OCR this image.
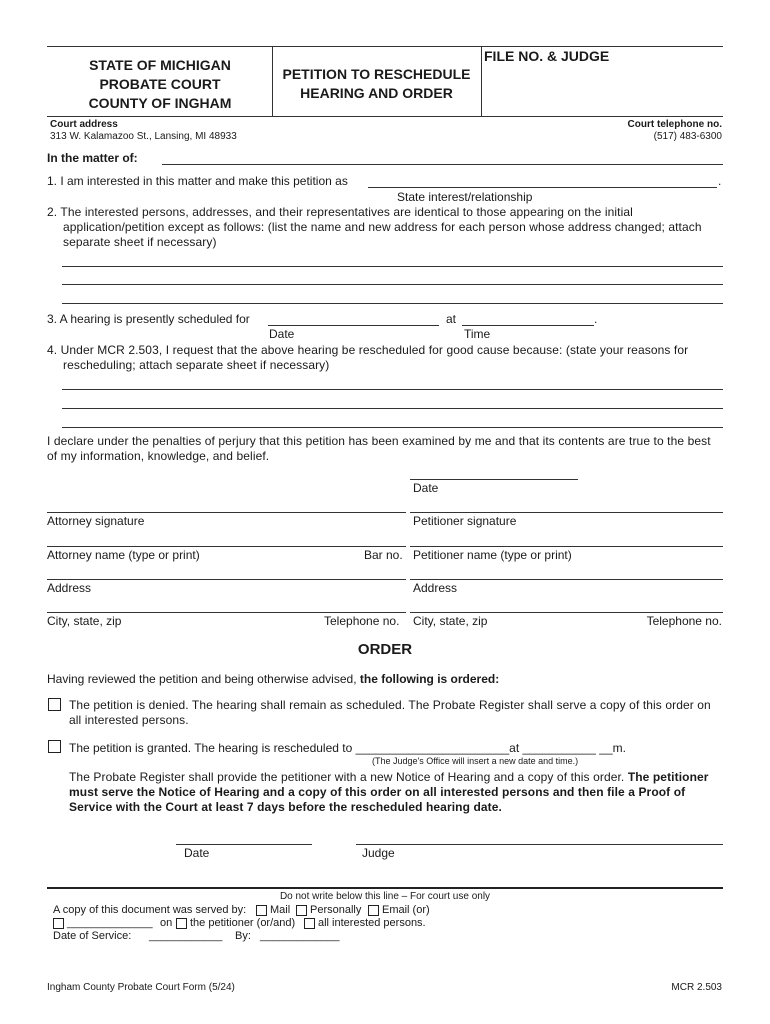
STATE OF MICHIGAN
PROBATE COURT
COUNTY OF INGHAM
PETITION TO RESCHEDULE
HEARING AND ORDER
FILE NO. & JUDGE
Court address
313 W. Kalamazoo St., Lansing, MI 48933
Court telephone no.
(517) 483-6300
In the matter of:
1. I am interested in this matter and make this petition as	.
State interest/relationship
2. The interested persons, addresses, and their representatives are identical to those appearing on the initial application/petition except as follows: (list the name and new address for each person whose address changed; attach separate sheet if necessary)
3. A hearing is presently scheduled for	at	.
Date	Time
4. Under MCR 2.503, I request that the above hearing be rescheduled for good cause because: (state your reasons for rescheduling; attach separate sheet if necessary)
I declare under the penalties of perjury that this petition has been examined by me and that its contents are true to the best of my information, knowledge, and belief.
Date
Attorney signature	Petitioner signature
Attorney name (type or print)	Bar no. Petitioner name (type or print)
Address	Address
City, state, zip	Telephone no. City, state, zip	Telephone no.
ORDER
Having reviewed the petition and being otherwise advised, the following is ordered:
The petition is denied. The hearing shall remain as scheduled. The Probate Register shall serve a copy of this order on all interested persons.
The petition is granted. The hearing is rescheduled to _______________________at ___________ __m.
(The Judge's Office will insert a new date and time.)
The Probate Register shall provide the petitioner with a new Notice of Hearing and a copy of this order. The petitioner must serve the Notice of Hearing and a copy of this order on all interested persons and then file a Proof of Service with the Court at least 7 days before the rescheduled hearing date.
Date	Judge
Do not write below this line – For court use only
A copy of this document was served by: Mail Personally Email (or)
______________ on the petitioner (or/and) all interested persons.
Date of Service: ____________ By: _____________
Ingham County Probate Court Form (5/24)	MCR 2.503
